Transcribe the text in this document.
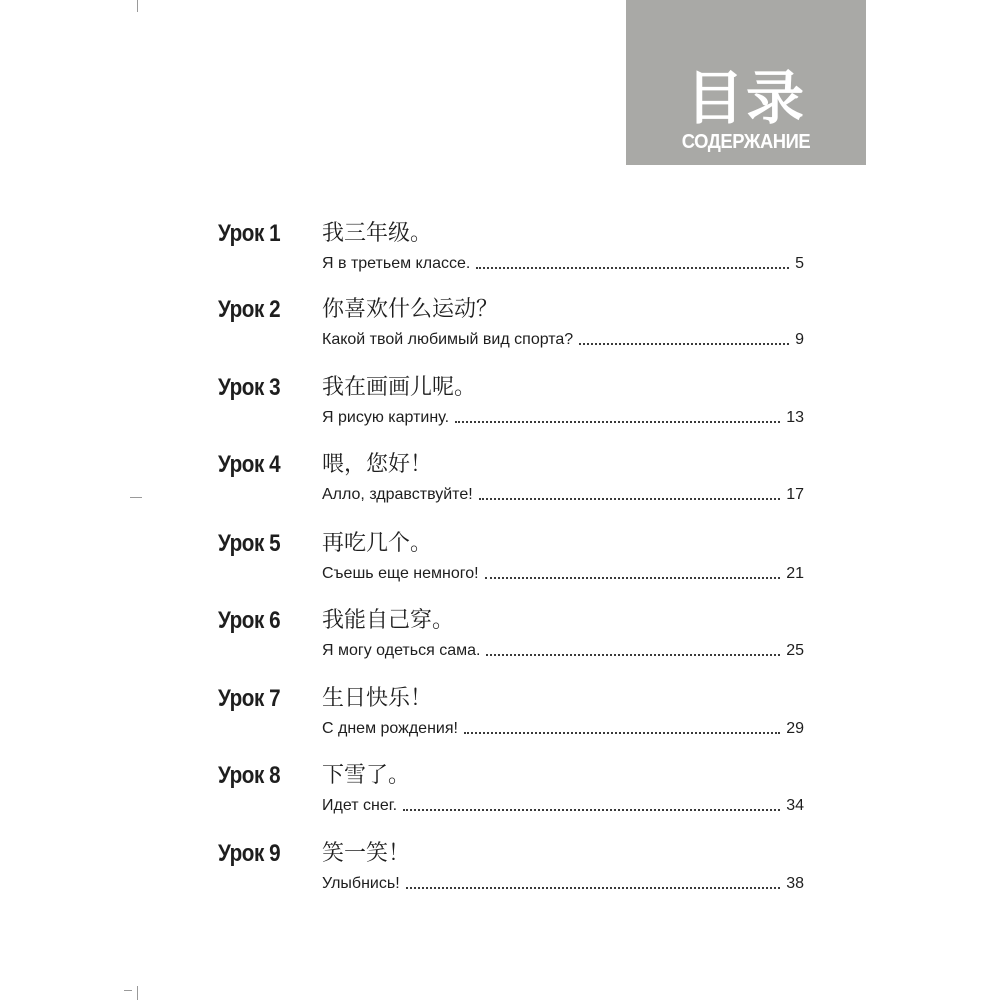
目录
СОДЕРЖАНИЕ
Урок 1 我三年级。
Я в третьем классе.	5
Урок 2 你喜欢什么运动？
Какой твой любимый вид спорта?	9
Урок 3 我在画画儿呢。
Я рисую картину.	13
Урок 4 喂，您好！
Алло, здравствуйте!	17
Урок 5 再吃几个。
Съешь еще немного!	21
Урок 6 我能自己穿。
Я могу одеться сама.	25
Урок 7 生日快乐！
С днем рождения!	29
Урок 8 下雪了。
Идет снег.	34
Урок 9 笑一笑！
Улыбнись!	38
